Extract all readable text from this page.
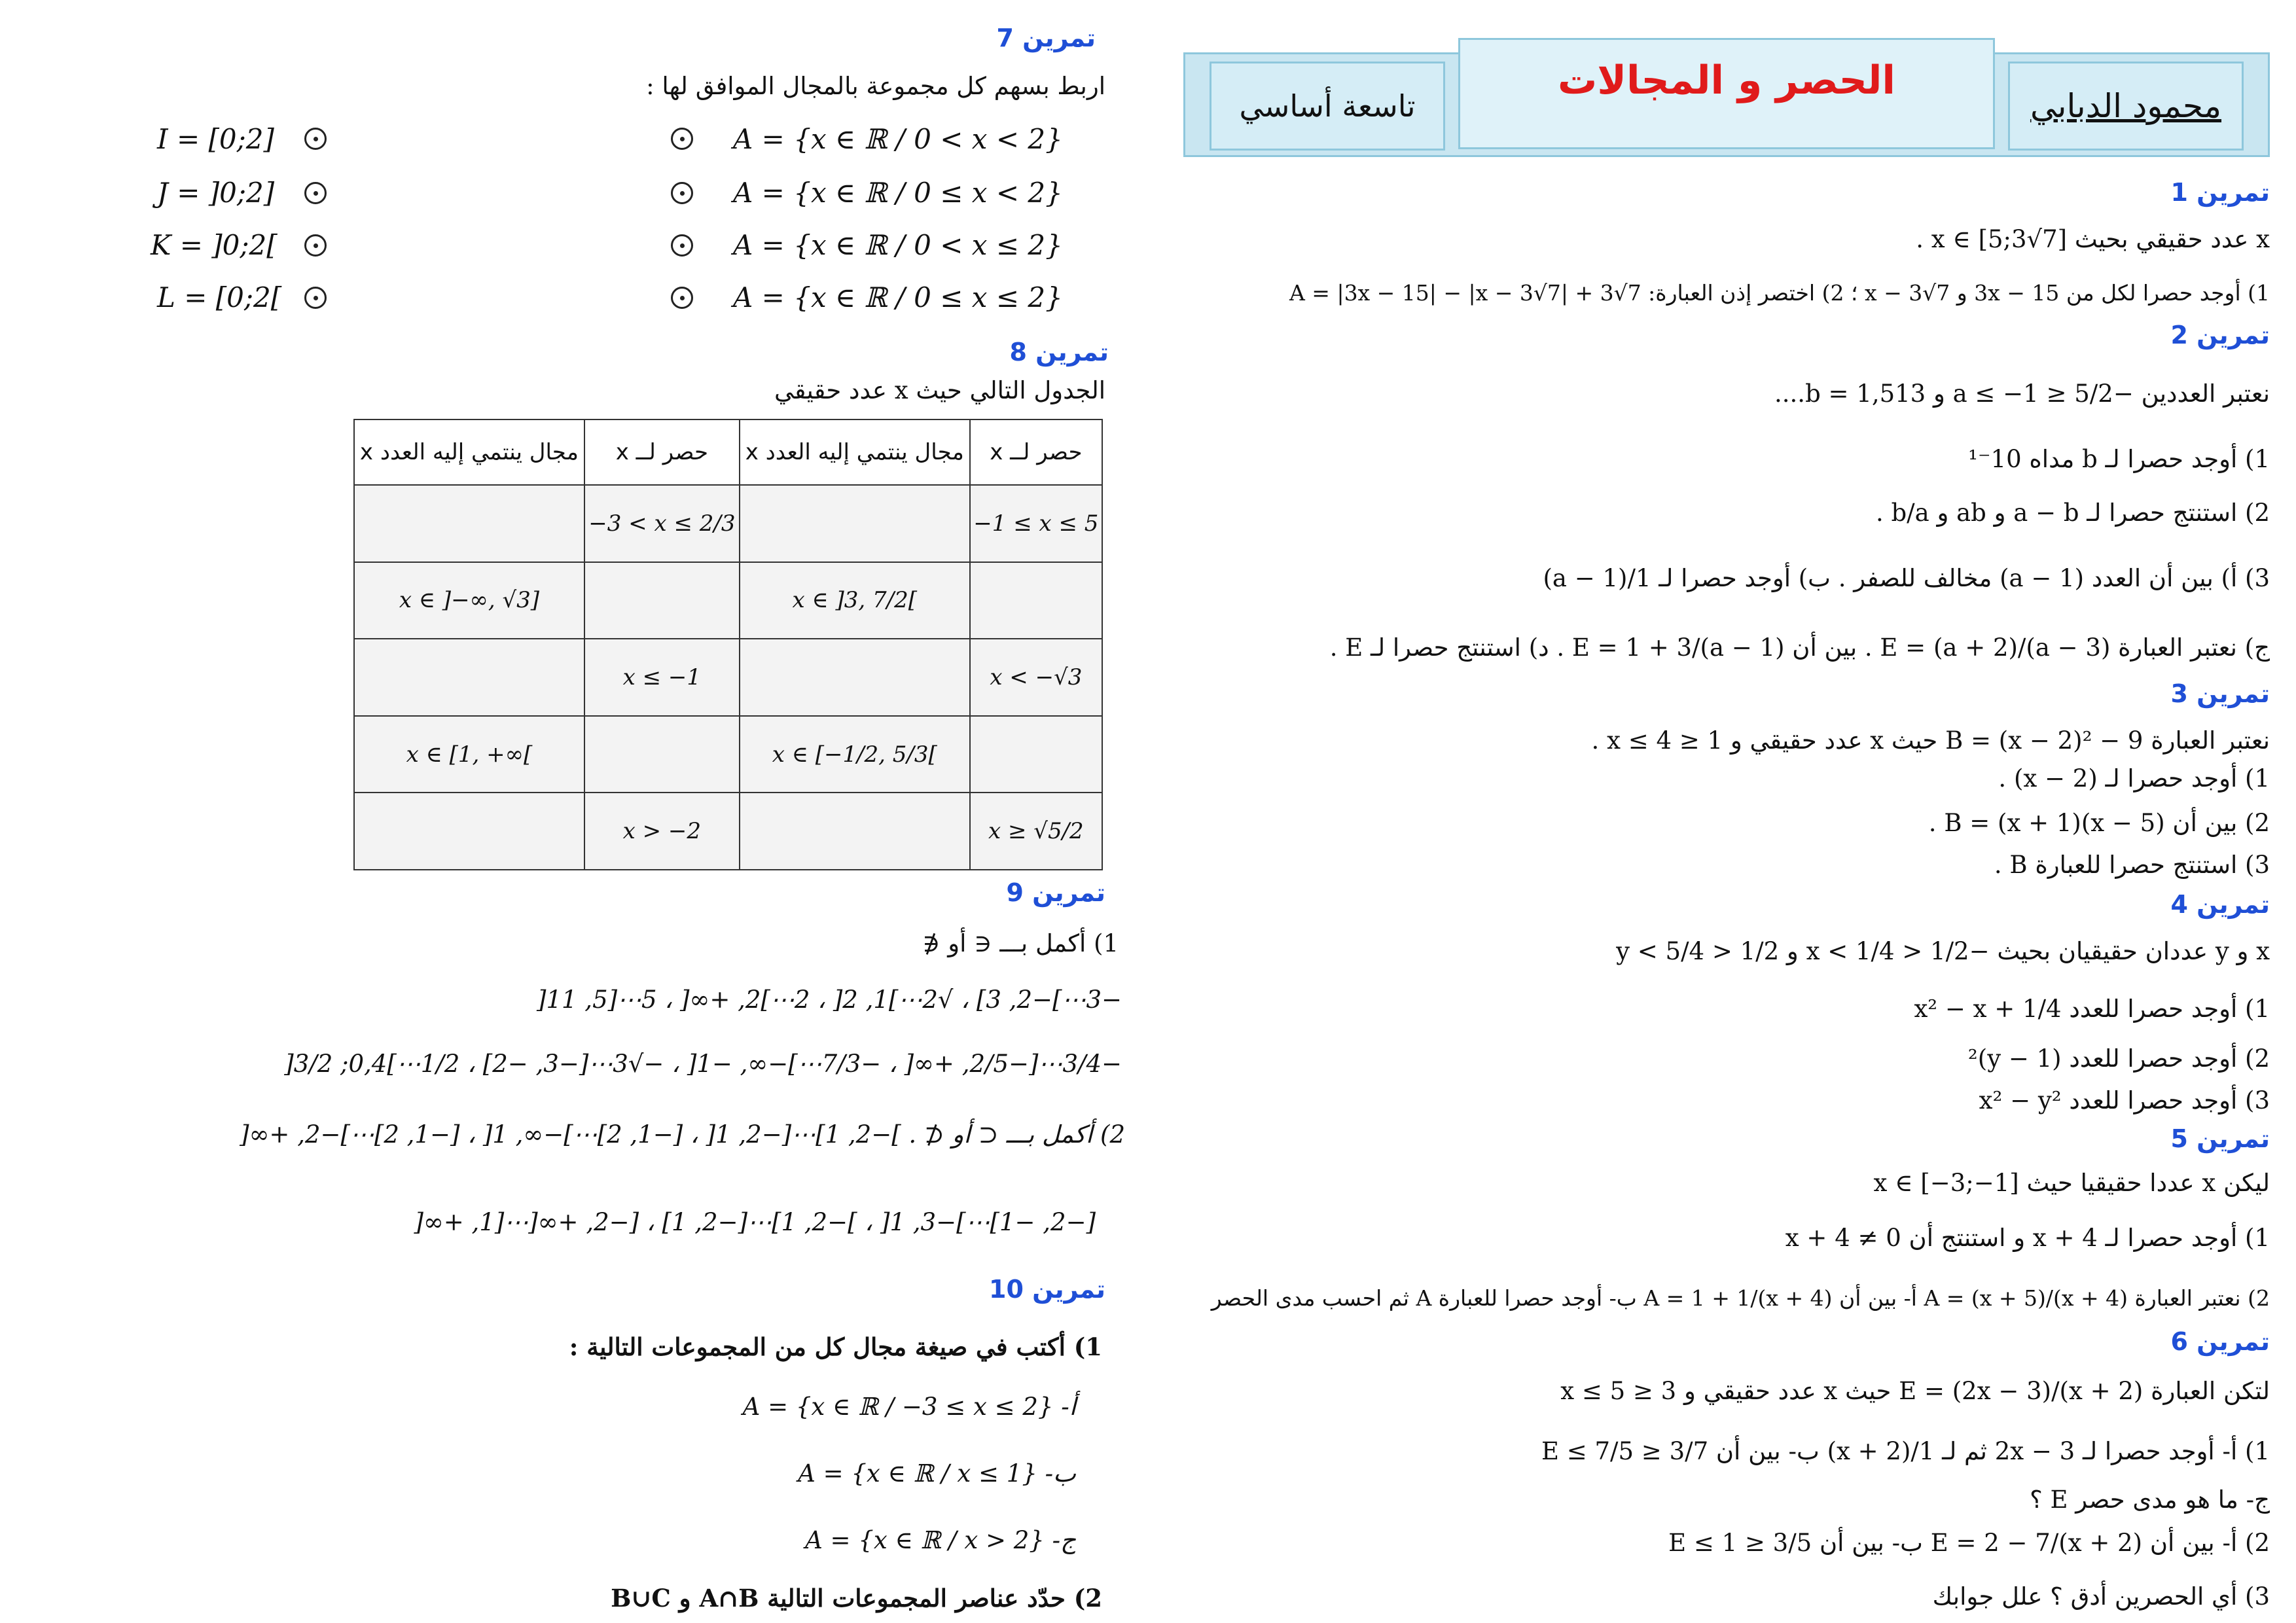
تمرين 7
اربط بسهم كل مجموعة بالمجال الموافق لها :
I = [0;2]
J = ]0;2]
K = ]0;2[
L = [0;2[
A = {x ∈ ℝ / 0 < x < 2}
A = {x ∈ ℝ / 0 ≤ x < 2}
A = {x ∈ ℝ / 0 < x ≤ 2}
A = {x ∈ ℝ / 0 ≤ x ≤ 2}
تمرين 8
الجدول التالي حيث x عدد حقيقي
مجال ينتمي إليه العدد x	حصر لــ x	مجال ينتمي إليه العدد x	حصر لــ x
	−3 < x ≤ 2/3		−1 ≤ x ≤ 5
x ∈ ]−∞, √3]		x ∈ ]3, 7/2[	
	x ≤ −1		x < −√3
x ∈ [1, +∞[		x ∈ [−1/2, 5/3[	
	x > −2		x ≥ √5/2
تمرين 9
1) أكمل بـــ ∈ أو ∉
−3⋯]−2, 3] ، √2⋯]1, 2[ ، 2⋯]2, +∞[ ، 5⋯[5, 11[
−3/4⋯[−2/5, +∞[ ، −7/3⋯]−∞, −1[ ، −√3⋯[−3, −2] ، 1/2⋯]0,4; 3/2[
2) أكمل بـــ ⊂ أو ⊄ . ]−2, 1]⋯[−2, 1[ ، [−1, 2]⋯]−∞, 1[ ، [−1, 2]⋯]−2, +∞[
[−2, −1]⋯]−3, 1[ ، ]−2, 1]⋯[−2, 1] ، [−2, +∞[⋯[1, +∞[
تمرين 10
1) أكتب في صيغة مجال كل من المجموعات التالية :
أ- A = {x ∈ ℝ / −3 ≤ x ≤ 2}
ب- A = {x ∈ ℝ / x ≤ 1}
ج- A = {x ∈ ℝ / x > 2}
2) حدّد عناصر المجموعات التالية A∩B و B∪C
تاسعة أساسي
الحصر و المجالات
محمود الدبابي
تمرين 1
x عدد حقيقي بحيث x ∈ [5;3√7] .
1) أوجد حصرا لكل من 3x − 15 و x − 3√7 ؛ 2) اختصر إذن العبارة: A = |3x − 15| − |x − 3√7| + 3√7
تمرين 2
نعتبر العددين −5/2 ≤ a ≤ −1 و b = 1,513....
1) أوجد حصرا لـ b مداه 10⁻¹
2) استنتج حصرا لـ a − b و ab و b/a .
3) أ) بين أن العدد (a − 1) مخالف للصفر . ب) أوجد حصرا لـ 1/(a − 1)
ج) نعتبر العبارة E = (a + 2)/(a − 3) . بين أن E = 1 + 3/(a − 1) . د) استنتج حصرا لـ E .
تمرين 3
نعتبر العبارة B = (x − 2)² − 9 حيث x عدد حقيقي و 1 ≤ x ≤ 4 .
1) أوجد حصرا لـ (x − 2) .
2) بين أن B = (x + 1)(x − 5) .
3) استنتج حصرا للعبارة B .
تمرين 4
x و y عددان حقيقيان بحيث −1/2 < x < 1/4 و 1/2 < y < 5/4
1) أوجد حصرا للعدد x² − x + 1/4
2) أوجد حصرا للعدد (y − 1)²
3) أوجد حصرا للعدد x² − y²
تمرين 5
ليكن x عددا حقيقيا حيث x ∈ [−3;−1]
1) أوجد حصرا لـ x + 4 و استنتج أن x + 4 ≠ 0
2) نعتبر العبارة A = (x + 5)/(x + 4) أ- بين أن A = 1 + 1/(x + 4) ب- أوجد حصرا للعبارة A ثم احسب مدى الحصر
تمرين 6
لتكن العبارة E = (2x − 3)/(x + 2) حيث x عدد حقيقي و 3 ≤ x ≤ 5
1) أ- أوجد حصرا لـ 2x − 3 ثم لـ 1/(x + 2) ب- بين أن 3/7 ≤ E ≤ 7/5
ج- ما هو مدى حصر E ؟
2) أ- بين أن E = 2 − 7/(x + 2) ب- بين أن 3/5 ≤ E ≤ 1
3) أي الحصرين أدق ؟ علل جوابك
